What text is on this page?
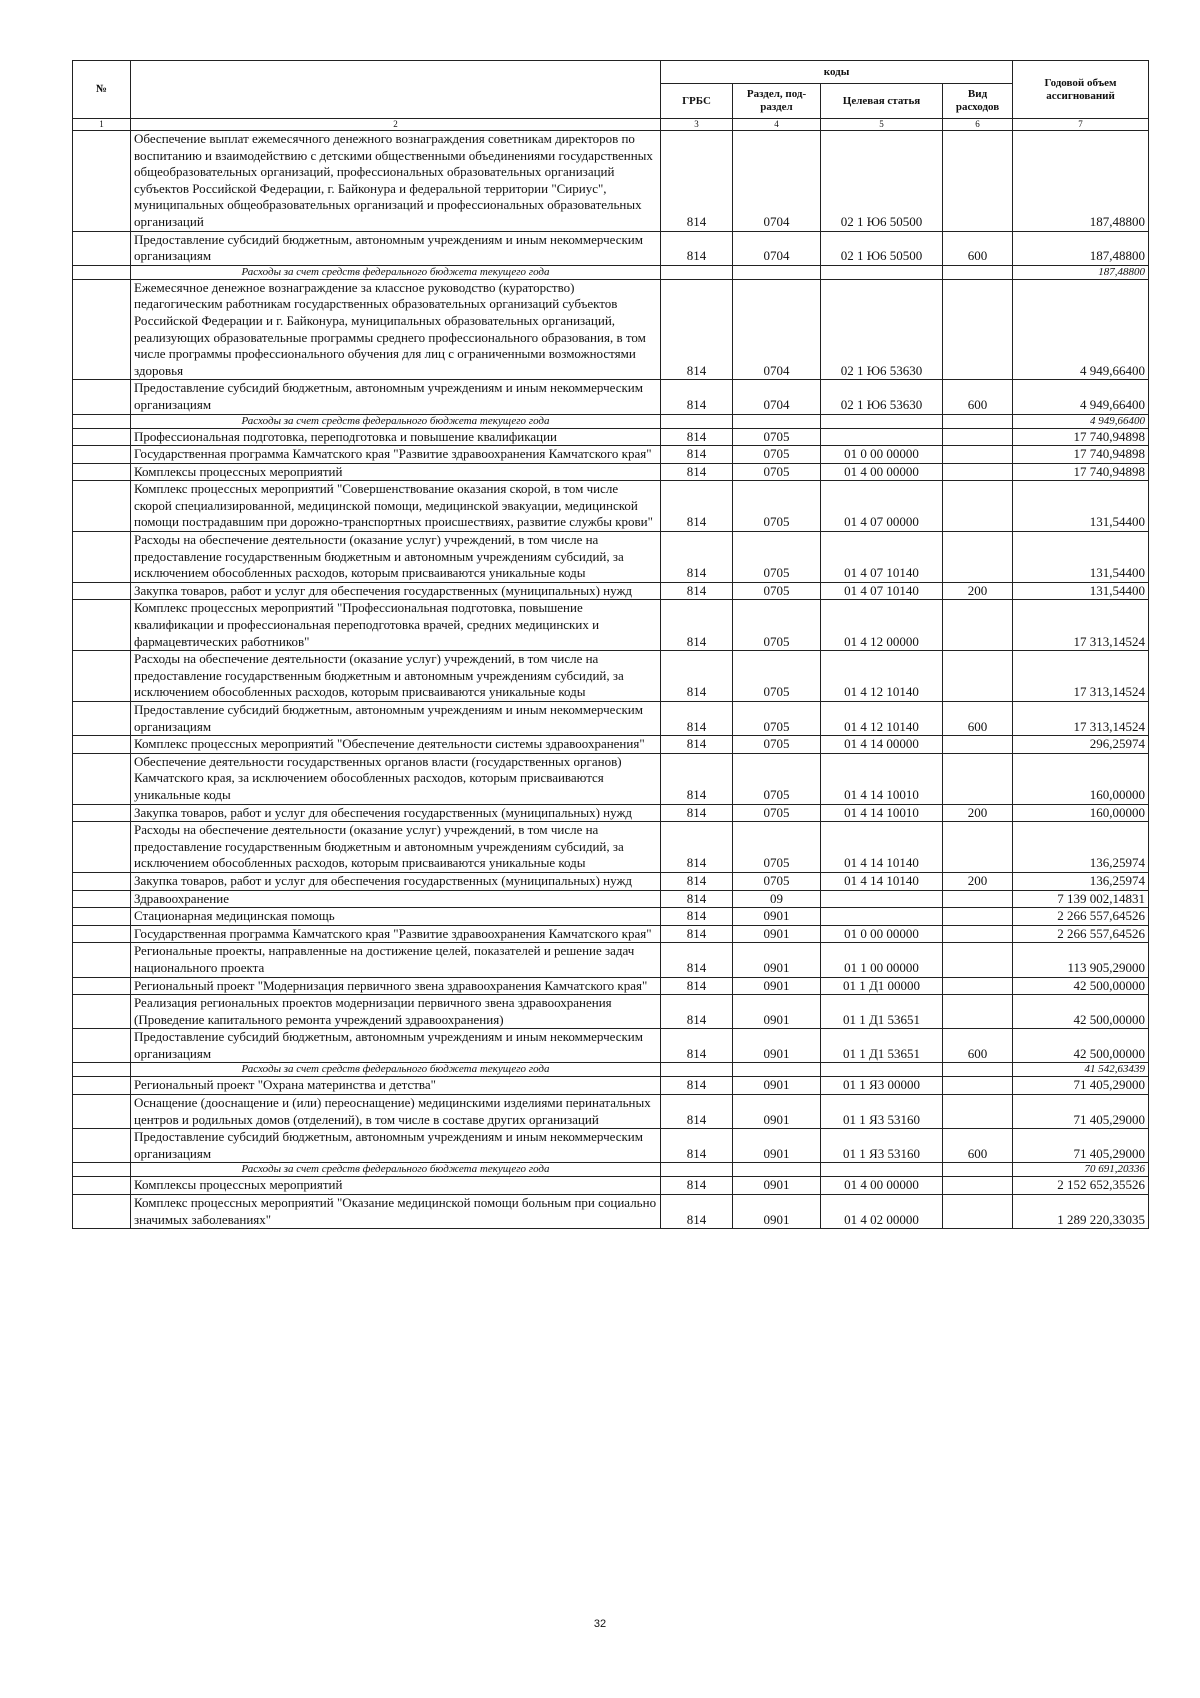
№		коды				Годовой объем ассигнований
		ГРБС	Раздел, под-раздел	Целевая статья	Вид расходов	
1	2	3	4	5	6	7
	Обеспечение выплат ежемесячного денежного вознаграждения советникам директоров по воспитанию и взаимодействию с детскими общественными объединениями государственных общеобразовательных организаций, профессиональных образовательных организаций субъектов Российской Федерации, г. Байконура и федеральной территории "Сириус", муниципальных общеобразовательных организаций и профессиональных образовательных организаций	814	0704	02 1 Ю6 50500		187,48800
	Предоставление субсидий бюджетным, автономным учреждениям и иным некоммерческим организациям	814	0704	02 1 Ю6 50500	600	187,48800
	Расходы за счет средств федерального бюджета текущего года					187,48800
	Ежемесячное денежное вознаграждение за классное руководство (кураторство) педагогическим работникам государственных образовательных организаций субъектов Российской Федерации и г. Байконура, муниципальных образовательных организаций, реализующих образовательные программы среднего профессионального образования, в том числе программы профессионального обучения для лиц с ограниченными возможностями здоровья	814	0704	02 1 Ю6 53630		4 949,66400
	Предоставление субсидий бюджетным, автономным учреждениям и иным некоммерческим организациям	814	0704	02 1 Ю6 53630	600	4 949,66400
	Расходы за счет средств федерального бюджета текущего года					4 949,66400
	Профессиональная подготовка, переподготовка и повышение квалификации	814	0705			17 740,94898
	Государственная программа Камчатского края "Развитие здравоохранения Камчатского края"	814	0705	01 0 00 00000		17 740,94898
	Комплексы процессных мероприятий	814	0705	01 4 00 00000		17 740,94898
	Комплекс процессных мероприятий "Совершенствование оказания скорой, в том числе скорой специализированной, медицинской помощи, медицинской эвакуации, медицинской помощи пострадавшим при дорожно-транспортных происшествиях, развитие службы крови"	814	0705	01 4 07 00000		131,54400
	Расходы на обеспечение деятельности (оказание услуг) учреждений, в том числе на предоставление государственным бюджетным и автономным учреждениям субсидий, за исключением обособленных расходов, которым присваиваются уникальные коды	814	0705	01 4 07 10140		131,54400
	Закупка товаров, работ и услуг для обеспечения государственных (муниципальных) нужд	814	0705	01 4 07 10140	200	131,54400
	Комплекс процессных мероприятий "Профессиональная подготовка, повышение квалификации и профессиональная переподготовка врачей, средних медицинских и фармацевтических работников"	814	0705	01 4 12 00000		17 313,14524
	Расходы на обеспечение деятельности (оказание услуг) учреждений, в том числе на предоставление государственным бюджетным и автономным учреждениям субсидий, за исключением обособленных расходов, которым присваиваются уникальные коды	814	0705	01 4 12 10140		17 313,14524
	Предоставление субсидий бюджетным, автономным учреждениям и иным некоммерческим организациям	814	0705	01 4 12 10140	600	17 313,14524
	Комплекс процессных мероприятий "Обеспечение деятельности системы здравоохранения"	814	0705	01 4 14 00000		296,25974
	Обеспечение деятельности государственных органов власти (государственных органов) Камчатского края, за исключением обособленных расходов, которым присваиваются уникальные коды	814	0705	01 4 14 10010		160,00000
	Закупка товаров, работ и услуг для обеспечения государственных (муниципальных) нужд	814	0705	01 4 14 10010	200	160,00000
	Расходы на обеспечение деятельности (оказание услуг) учреждений, в том числе на предоставление государственным бюджетным и автономным учреждениям субсидий, за исключением обособленных расходов, которым присваиваются уникальные коды	814	0705	01 4 14 10140		136,25974
	Закупка товаров, работ и услуг для обеспечения государственных (муниципальных) нужд	814	0705	01 4 14 10140	200	136,25974
	Здравоохранение	814	09			7 139 002,14831
	Стационарная медицинская помощь	814	0901			2 266 557,64526
	Государственная программа Камчатского края "Развитие здравоохранения Камчатского края"	814	0901	01 0 00 00000		2 266 557,64526
	Региональные проекты, направленные на достижение целей, показателей и решение задач национального проекта	814	0901	01 1 00 00000		113 905,29000
	Региональный проект "Модернизация первичного звена здравоохранения Камчатского края"	814	0901	01 1 Д1 00000		42 500,00000
	Реализация региональных проектов модернизации первичного звена здравоохранения (Проведение капитального ремонта учреждений здравоохранения)	814	0901	01 1 Д1 53651		42 500,00000
	Предоставление субсидий бюджетным, автономным учреждениям и иным некоммерческим организациям	814	0901	01 1 Д1 53651	600	42 500,00000
	Расходы за счет средств федерального бюджета текущего года					41 542,63439
	Региональный проект "Охрана материнства и детства"	814	0901	01 1 Я3 00000		71 405,29000
	Оснащение (дооснащение и (или) переоснащение) медицинскими изделиями перинатальных центров и родильных домов (отделений), в том числе в составе других организаций	814	0901	01 1 Я3 53160		71 405,29000
	Предоставление субсидий бюджетным, автономным учреждениям и иным некоммерческим организациям	814	0901	01 1 Я3 53160	600	71 405,29000
	Расходы за счет средств федерального бюджета текущего года					70 691,20336
	Комплексы процессных мероприятий	814	0901	01 4 00 00000		2 152 652,35526
	Комплекс процессных мероприятий "Оказание медицинской помощи больным при социально значимых заболеваниях"	814	0901	01 4 02 00000		1 289 220,33035
32
